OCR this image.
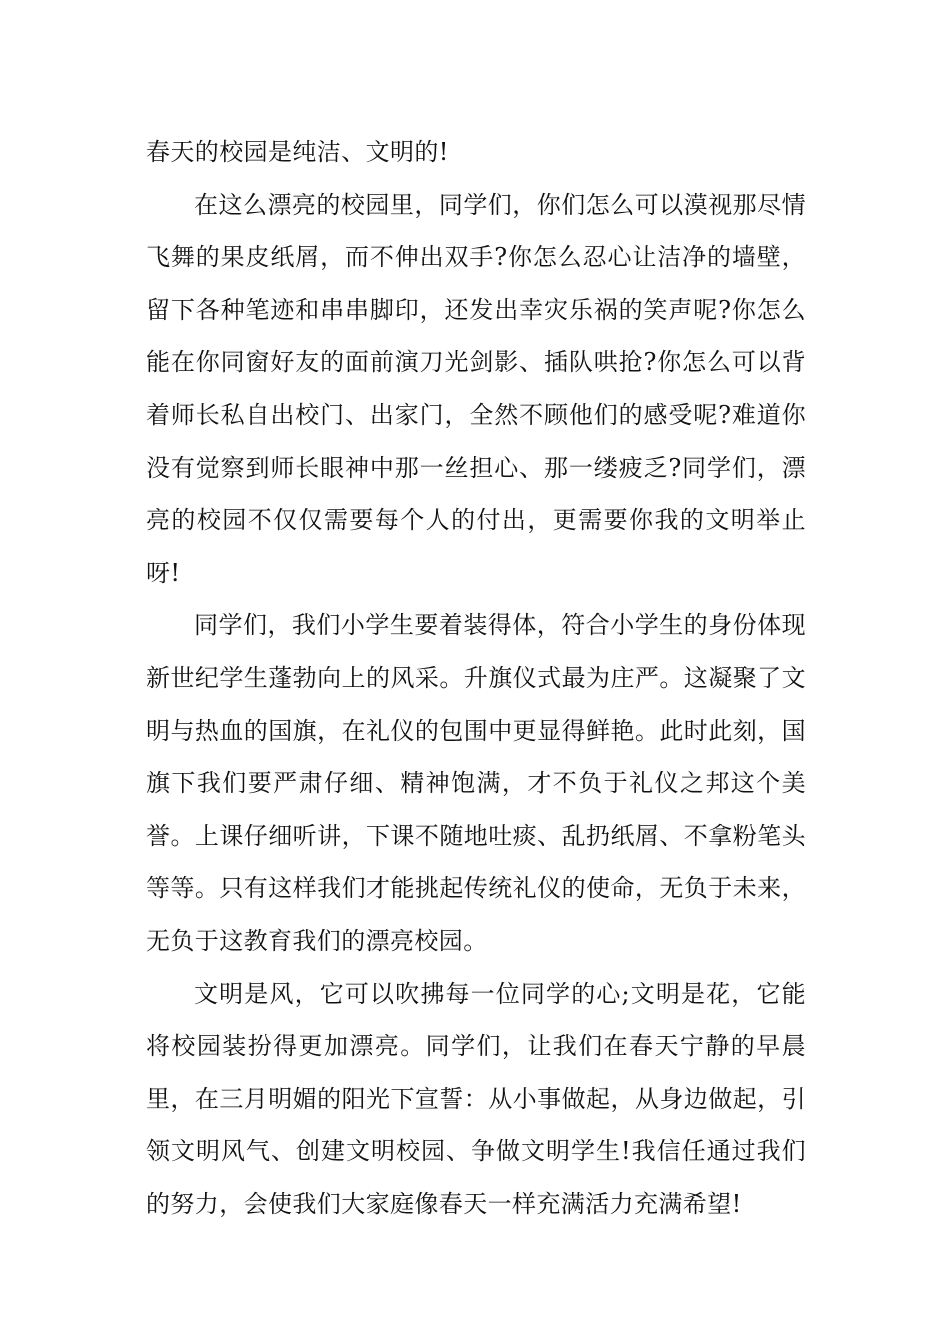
春天的校园是纯洁、文明的!

在这么漂亮的校园里，同学们，你们怎么可以漠视那尽情飞舞的果皮纸屑，而不伸出双手?你怎么忍心让洁净的墙壁，留下各种笔迹和串串脚印，还发出幸灾乐祸的笑声呢?你怎么能在你同窗好友的面前演刀光剑影、插队哄抢?你怎么可以背着师长私自出校门、出家门，全然不顾他们的感受呢?难道你没有觉察到师长眼神中那一丝担心、那一缕疲乏?同学们，漂亮的校园不仅仅需要每个人的付出，更需要你我的文明举止呀!

同学们，我们小学生要着装得体，符合小学生的身份体现新世纪学生蓬勃向上的风采。升旗仪式最为庄严。这凝聚了文明与热血的国旗，在礼仪的包围中更显得鲜艳。此时此刻，国旗下我们要严肃仔细、精神饱满，才不负于礼仪之邦这个美誉。上课仔细听讲，下课不随地吐痰、乱扔纸屑、不拿粉笔头等等。只有这样我们才能挑起传统礼仪的使命，无负于未来，无负于这教育我们的漂亮校园。

文明是风，它可以吹拂每一位同学的心;文明是花，它能将校园装扮得更加漂亮。同学们，让我们在春天宁静的早晨里，在三月明媚的阳光下宣誓：从小事做起，从身边做起，引领文明风气、创建文明校园、争做文明学生!我信任通过我们的努力，会使我们大家庭像春天一样充满活力充满希望!
